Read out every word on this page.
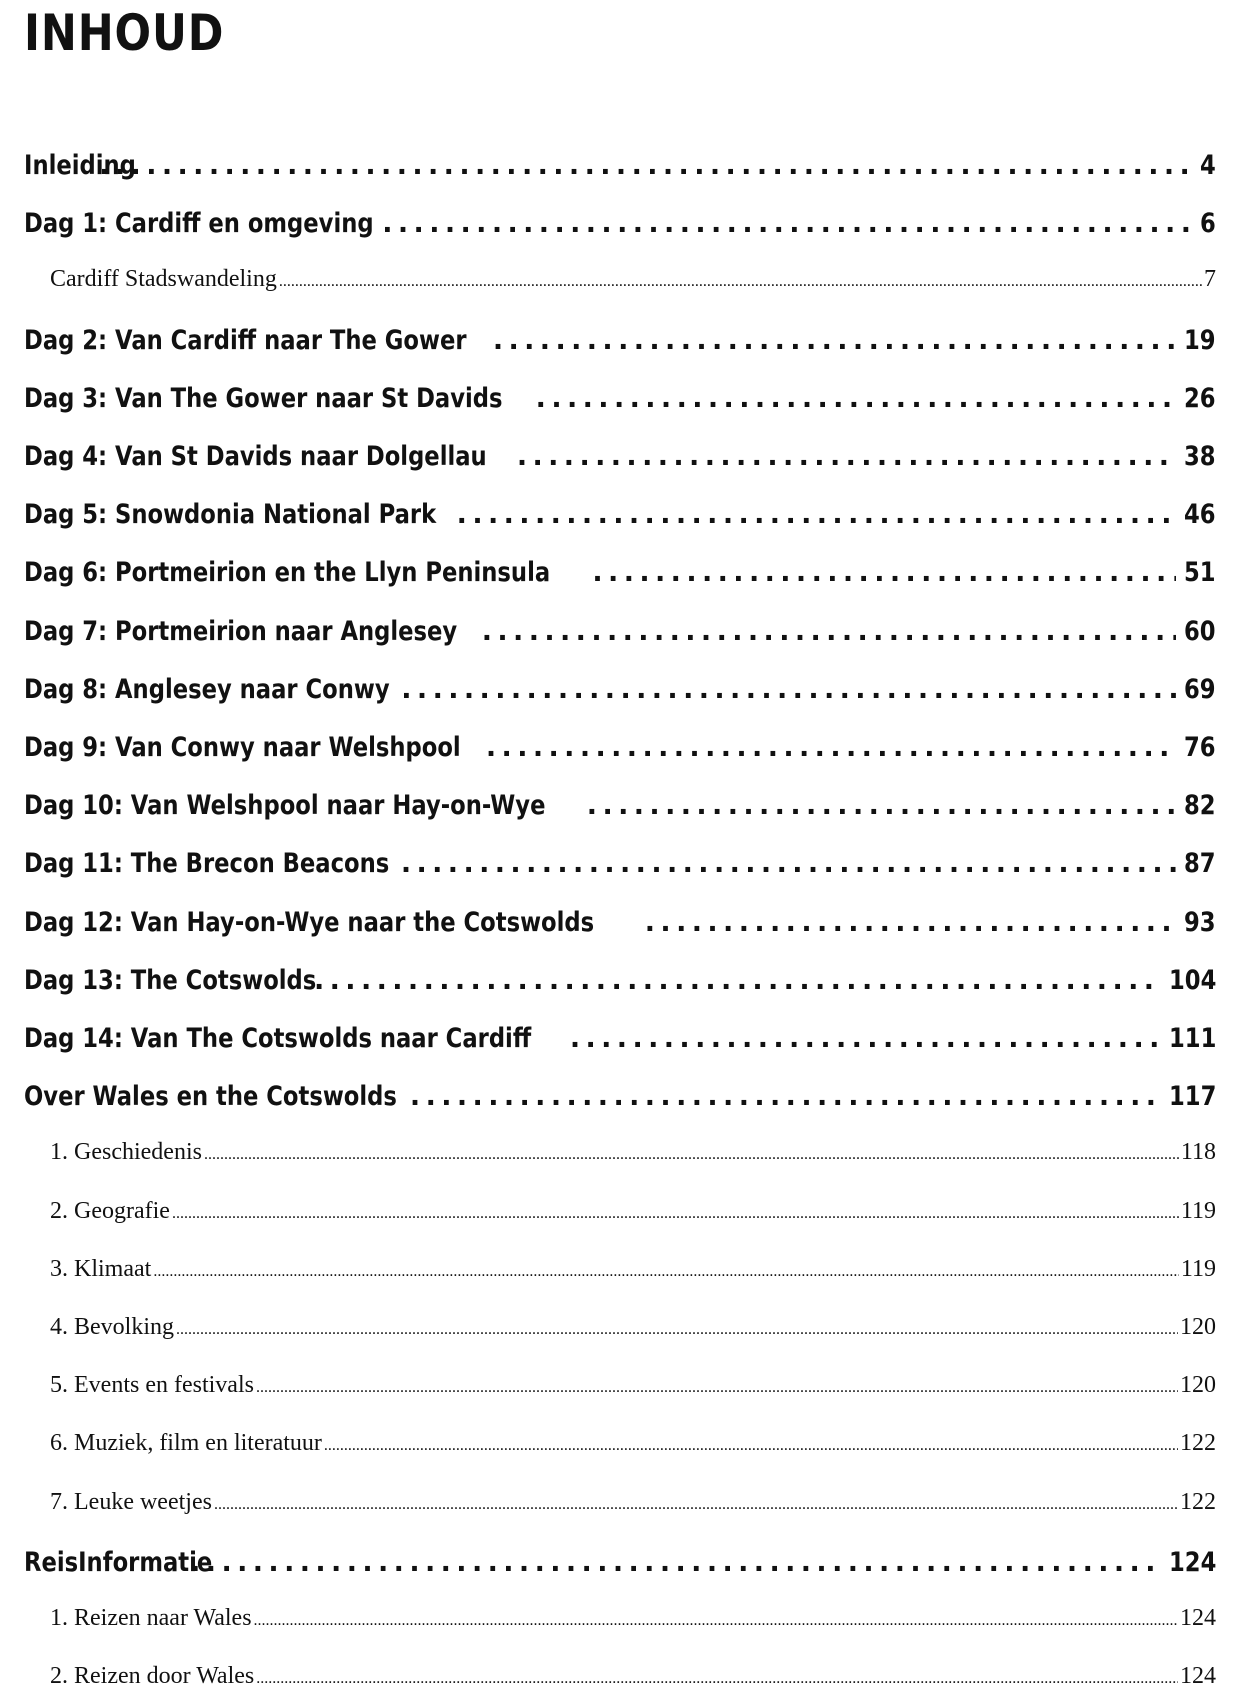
INHOUD
Inleiding . . .	4
Dag 1: Cardiff en omgeving . . .	6
Cardiff Stadswandeling .....	7
Dag 2: Van Cardiff naar The Gower . . .	19
Dag 3: Van The Gower naar St Davids . . .	26
Dag 4: Van St Davids naar Dolgellau . . .	38
Dag 5: Snowdonia National Park . . .	46
Dag 6: Portmeirion en the Llyn Peninsula . . .	51
Dag 7: Portmeirion naar Anglesey . . .	60
Dag 8: Anglesey naar Conwy . . .	69
Dag 9: Van Conwy naar Welshpool . . .	76
Dag 10: Van Welshpool naar Hay-on-Wye . . .	82
Dag 11: The Brecon Beacons . . .	87
Dag 12: Van Hay-on-Wye naar the Cotswolds . . .	93
Dag 13: The Cotswolds . . .	104
Dag 14: Van The Cotswolds naar Cardiff . . .	111
Over Wales en the Cotswolds . . .	117
1. Geschiedenis .....	118
2. Geografie .....	119
3. Klimaat .....	119
4. Bevolking .....	120
5. Events en festivals .....	120
6. Muziek, film en literatuur .....	122
7. Leuke weetjes .....	122
ReisInformatie . . .	124
1. Reizen naar Wales .....	124
2. Reizen door Wales .....	124
